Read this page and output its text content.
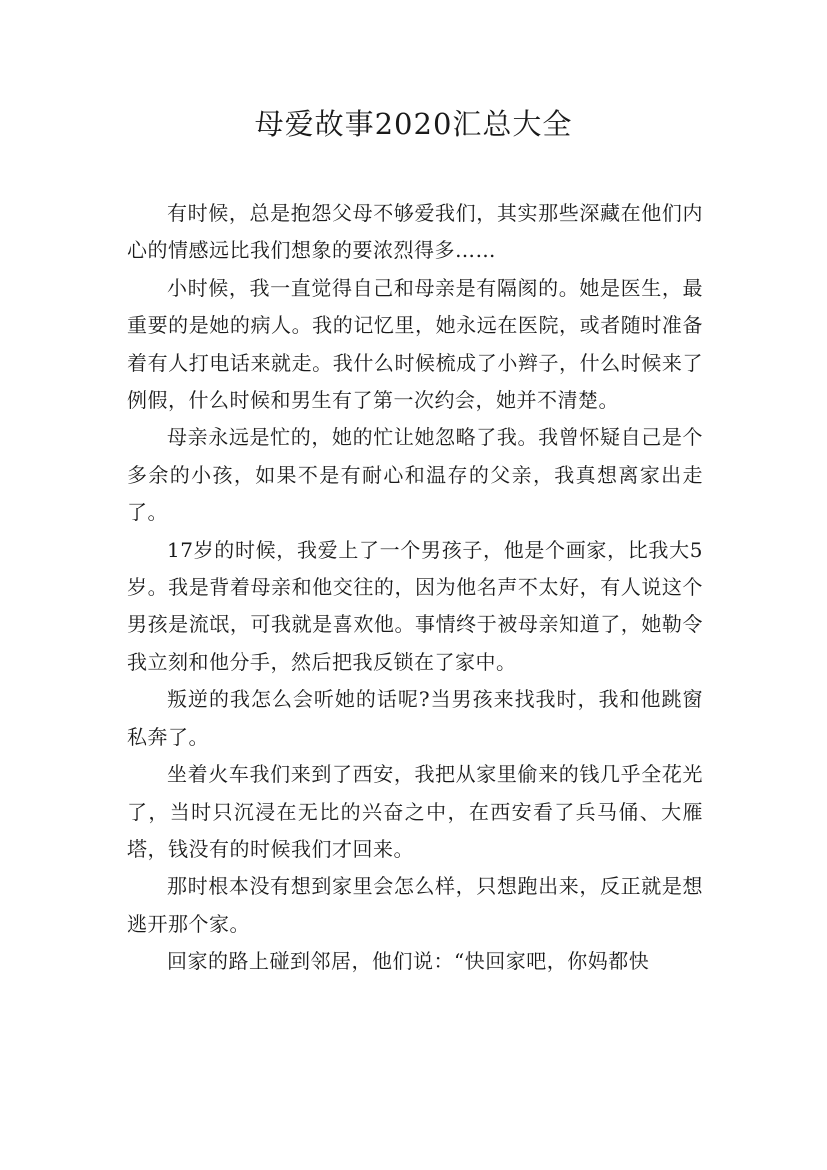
母爱故事2020汇总大全

有时候，总是抱怨父母不够爱我们，其实那些深藏在他们内心的情感远比我们想象的要浓烈得多……

小时候，我一直觉得自己和母亲是有隔阂的。她是医生，最重要的是她的病人。我的记忆里，她永远在医院，或者随时准备着有人打电话来就走。我什么时候梳成了小辫子，什么时候来了例假，什么时候和男生有了第一次约会，她并不清楚。

母亲永远是忙的，她的忙让她忽略了我。我曾怀疑自己是个多余的小孩，如果不是有耐心和温存的父亲，我真想离家出走了。

17岁的时候，我爱上了一个男孩子，他是个画家，比我大5岁。我是背着母亲和他交往的，因为他名声不太好，有人说这个男孩是流氓，可我就是喜欢他。事情终于被母亲知道了，她勒令我立刻和他分手，然后把我反锁在了家中。

叛逆的我怎么会听她的话呢?当男孩来找我时，我和他跳窗私奔了。

坐着火车我们来到了西安，我把从家里偷来的钱几乎全花光了，当时只沉浸在无比的兴奋之中，在西安看了兵马俑、大雁塔，钱没有的时候我们才回来。

那时根本没有想到家里会怎么样，只想跑出来，反正就是想逃开那个家。

回家的路上碰到邻居，他们说：“快回家吧，你妈都快
